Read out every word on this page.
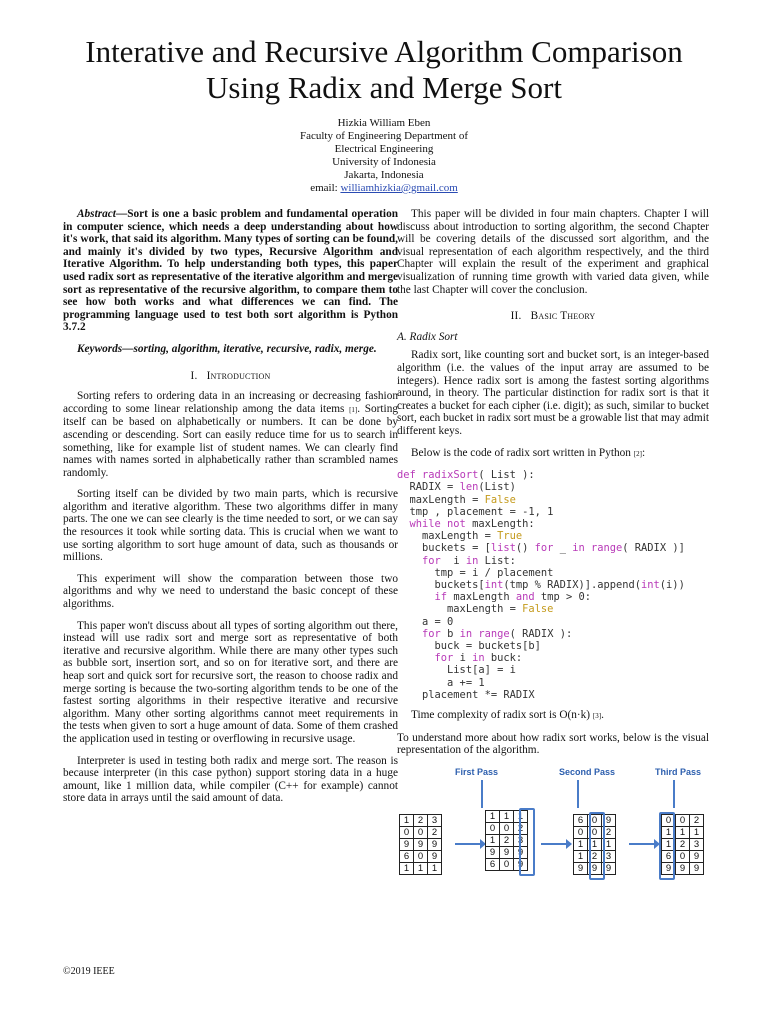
Interative and Recursive Algorithm Comparison
Using Radix and Merge Sort
Hizkia William Eben
Faculty of Engineering Department of
Electrical Engineering
University of Indonesia
Jakarta, Indonesia
email: williamhizkia@gmail.com

Abstract—Sort is one a basic problem and fundamental operation in computer science, which needs a deep understanding about how it's work, that said its algorithm. Many types of sorting can be found, and mainly it's divided by two types, Recursive Algorithm and Iterative Algorithm. To help understanding both types, this paper used radix sort as representative of the iterative algorithm and merge sort as representative of the recursive algorithm, to compare them to see how both works and what differences we can find. The programming language used to test both sort algorithm is Python 3.7.2

Keywords—sorting, algorithm, iterative, recursive, radix, merge.

I. Introduction

Sorting refers to ordering data in an increasing or decreasing fashion according to some linear relationship among the data items [1]. Sorting itself can be based on alphabetically or numbers. It can be done by ascending or descending. Sort can easily reduce time for us to search in something, like for example list of student names. We can clearly find names with names sorted in alphabetically rather than scrambled names randomly.

Sorting itself can be divided by two main parts, which is recursive algorithm and iterative algorithm. These two algorithms differ in many parts. The one we can see clearly is the time needed to sort, or we can say the resources it took while sorting data. This is crucial when we want to use sorting algorithm to sort huge amount of data, such as thousands or millions.

This experiment will show the comparation between those two algorithms and why we need to understand the basic concept of these algorithms.

This paper won't discuss about all types of sorting algorithm out there, instead will use radix sort and merge sort as representative of both iterative and recursive algorithm. While there are many other types such as bubble sort, insertion sort, and so on for iterative sort, and there are heap sort and quick sort for recursive sort, the reason to choose radix and merge sorting is because the two-sorting algorithm tends to be one of the fastest sorting algorithms in their respective iterative and recursive algorithm. Many other sorting algorithms cannot meet requirements in the tests when given to sort a huge amount of data. Some of them crashed the application used in testing or overflowing in recursive usage.

Interpreter is used in testing both radix and merge sort. The reason is because interpreter (in this case python) support storing data in a huge amount, like 1 million data, while compiler (C++ for example) cannot store data in arrays until the said amount of data.

This paper will be divided in four main chapters. Chapter I will discuss about introduction to sorting algorithm, the second Chapter will be covering details of the discussed sort algorithm, and the visual representation of each algorithm respectively, and the third Chapter will explain the result of the experiment and graphical visualization of running time growth with varied data given, while the last Chapter will cover the conclusion.

II. Basic Theory
A. Radix Sort

Radix sort, like counting sort and bucket sort, is an integer-based algorithm (i.e. the values of the input array are assumed to be integers). Hence radix sort is among the fastest sorting algorithms around, in theory. The particular distinction for radix sort is that it creates a bucket for each cipher (i.e. digit); as such, similar to bucket sort, each bucket in radix sort must be a growable list that may admit different keys.

Below is the code of radix sort written in Python [2]:

def radixSort( List ):
RADIX = len(List)
maxLength = False
tmp , placement = -1, 1
while not maxLength:
maxLength = True
buckets = [list() for _ in range( RADIX )]
for  i in List:
tmp = i / placement
buckets[int(tmp % RADIX)].append(int(i))
if maxLength and tmp > 0:
maxLength = False
a = 0
for b in range( RADIX ):
buck = buckets[b]
for i in buck:
List[a] = i
a += 1
placement *= RADIX

Time complexity of radix sort is O(n·k) [3].

To understand more about how radix sort works, below is the visual representation of the algorithm.

First Pass	Second Pass	Third Pass
1	2	3
0	0	2
9	9	9
6	0	9
1	1	1
1	1	1
0	0	2
1	2	3
9	9	9
6	0	9
6	0	9
0	0	2
1	1	1
1	2	3
9	9	9
0	0	2
1	1	1
1	2	3
6	0	9
9	9	9
©2019 IEEE
